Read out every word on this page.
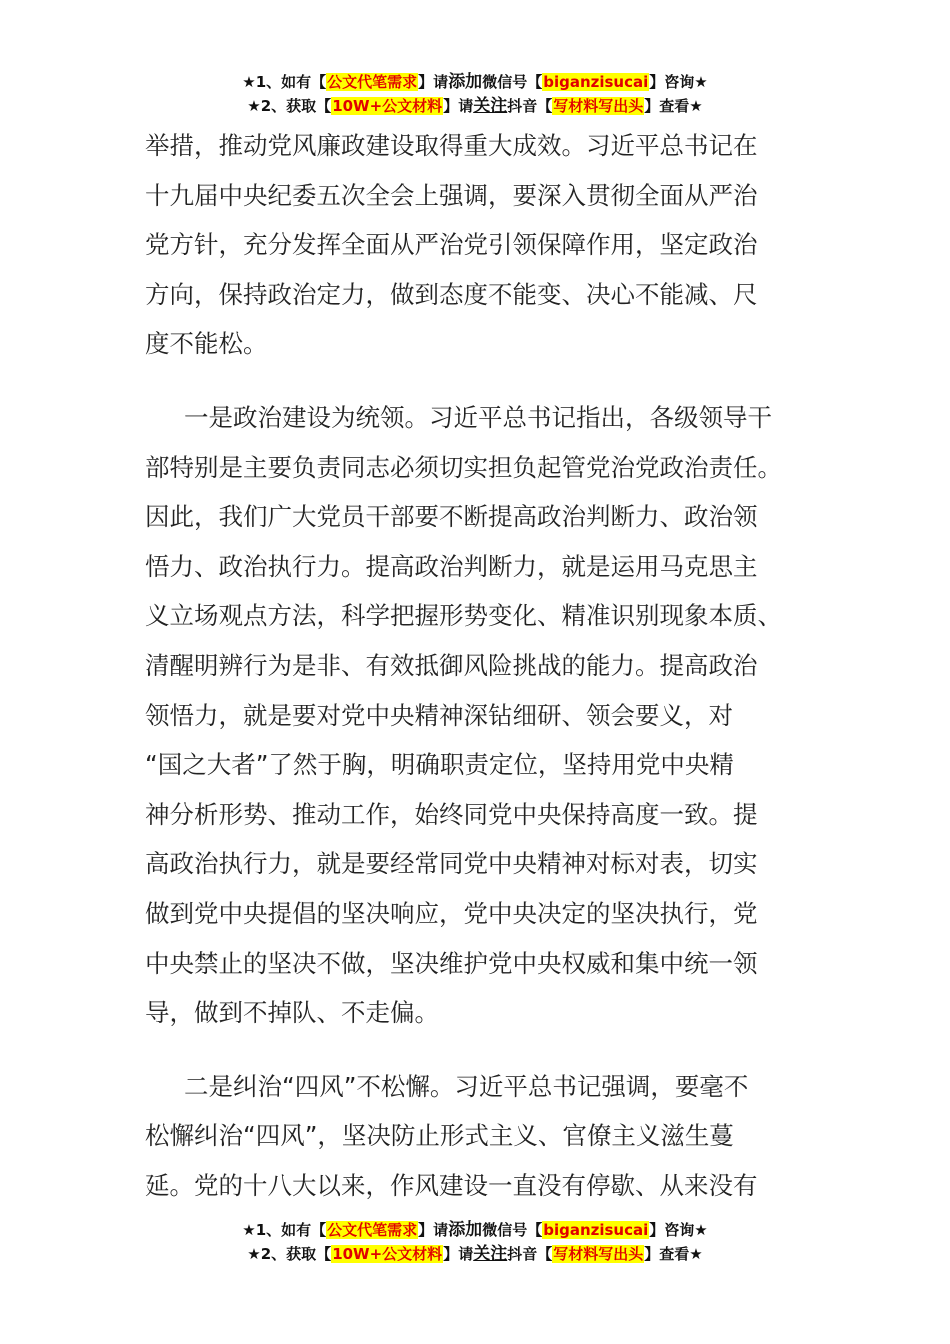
★1、如有【公文代笔需求】请添加微信号【biganzisucai】咨询★
★2、获取【10W+公文材料】请关注抖音【写材料写出头】查看★

举措，推动党风廉政建设取得重大成效。习近平总书记在
十九届中央纪委五次全会上强调，要深入贯彻全面从严治
党方针，充分发挥全面从严治党引领保障作用，坚定政治
方向，保持政治定力，做到态度不能变、决心不能减、尺
度不能松。

一是政治建设为统领。习近平总书记指出，各级领导干
部特别是主要负责同志必须切实担负起管党治党政治责任。
因此，我们广大党员干部要不断提高政治判断力、政治领
悟力、政治执行力。提高政治判断力，就是运用马克思主
义立场观点方法，科学把握形势变化、精准识别现象本质、
清醒明辨行为是非、有效抵御风险挑战的能力。提高政治
领悟力，就是要对党中央精神深钻细研、领会要义，对
“国之大者”了然于胸，明确职责定位，坚持用党中央精
神分析形势、推动工作，始终同党中央保持高度一致。提
高政治执行力，就是要经常同党中央精神对标对表，切实
做到党中央提倡的坚决响应，党中央决定的坚决执行，党
中央禁止的坚决不做，坚决维护党中央权威和集中统一领
导，做到不掉队、不走偏。

二是纠治“四风”不松懈。习近平总书记强调，要毫不
松懈纠治“四风”，坚决防止形式主义、官僚主义滋生蔓
延。党的十八大以来，作风建设一直没有停歇、从来没有

★1、如有【公文代笔需求】请添加微信号【biganzisucai】咨询★
★2、获取【10W+公文材料】请关注抖音【写材料写出头】查看★
